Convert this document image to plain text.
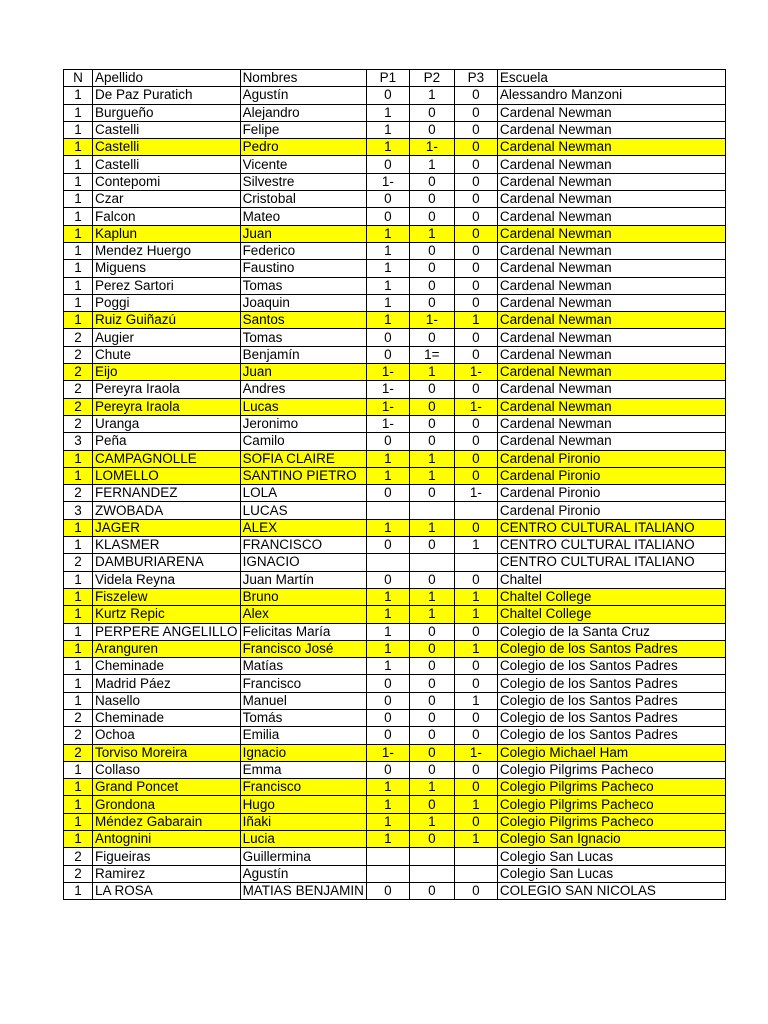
N	Apellido	Nombres	P1	P2	P3	Escuela
1	De Paz Puratich	Agustín	0	1	0	Alessandro Manzoni
1	Burgueño	Alejandro	1	0	0	Cardenal Newman
1	Castelli	Felipe	1	0	0	Cardenal Newman
1	Castelli	Pedro	1	1-	0	Cardenal Newman
1	Castelli	Vicente	0	1	0	Cardenal Newman
1	Contepomi	Silvestre	1-	0	0	Cardenal Newman
1	Czar	Cristobal	0	0	0	Cardenal Newman
1	Falcon	Mateo	0	0	0	Cardenal Newman
1	Kaplun	Juan	1	1	0	Cardenal Newman
1	Mendez Huergo	Federico	1	0	0	Cardenal Newman
1	Miguens	Faustino	1	0	0	Cardenal Newman
1	Perez Sartori	Tomas	1	0	0	Cardenal Newman
1	Poggi	Joaquin	1	0	0	Cardenal Newman
1	Ruiz Guiñazú	Santos	1	1-	1	Cardenal Newman
2	Augier	Tomas	0	0	0	Cardenal Newman
2	Chute	Benjamín	0	1=	0	Cardenal Newman
2	Eijo	Juan	1-	1	1-	Cardenal Newman
2	Pereyra Iraola	Andres	1-	0	0	Cardenal Newman
2	Pereyra Iraola	Lucas	1-	0	1-	Cardenal Newman
2	Uranga	Jeronimo	1-	0	0	Cardenal Newman
3	Peña	Camilo	0	0	0	Cardenal Newman
1	CAMPAGNOLLE	SOFIA CLAIRE	1	1	0	Cardenal Pironio
1	LOMELLO	SANTINO PIETRO	1	1	0	Cardenal Pironio
2	FERNANDEZ	LOLA	0	0	1-	Cardenal Pironio
3	ZWOBADA	LUCAS				Cardenal Pironio
1	JAGER	ALEX	1	1	0	CENTRO CULTURAL ITALIANO
1	KLASMER	FRANCISCO	0	0	1	CENTRO CULTURAL ITALIANO
2	DAMBURIARENA	IGNACIO				CENTRO CULTURAL ITALIANO
1	Videla Reyna	Juan Martín	0	0	0	Chaltel
1	Fiszelew	Bruno	1	1	1	Chaltel College
1	Kurtz Repic	Alex	1	1	1	Chaltel College
1	PERPERE ANGELILLO	Felicitas María	1	0	0	Colegio de la Santa Cruz
1	Aranguren	Francisco José	1	0	1	Colegio de los Santos Padres
1	Cheminade	Matías	1	0	0	Colegio de los Santos Padres
1	Madrid Páez	Francisco	0	0	0	Colegio de los Santos Padres
1	Nasello	Manuel	0	0	1	Colegio de los Santos Padres
2	Cheminade	Tomás	0	0	0	Colegio de los Santos Padres
2	Ochoa	Emilia	0	0	0	Colegio de los Santos Padres
2	Torviso Moreira	Ignacio	1-	0	1-	Colegio Michael Ham
1	Collaso	Emma	0	0	0	Colegio Pilgrims Pacheco
1	Grand Poncet	Francisco	1	1	0	Colegio Pilgrims Pacheco
1	Grondona	Hugo	1	0	1	Colegio Pilgrims Pacheco
1	Méndez Gabarain	Iñaki	1	1	0	Colegio Pilgrims Pacheco
1	Antognini	Lucia	1	0	1	Colegio San Ignacio
2	Figueiras	Guillermina				Colegio San Lucas
2	Ramirez	Agustín				Colegio San Lucas
1	LA ROSA	MATIAS BENJAMIN	0	0	0	COLEGIO SAN NICOLAS
